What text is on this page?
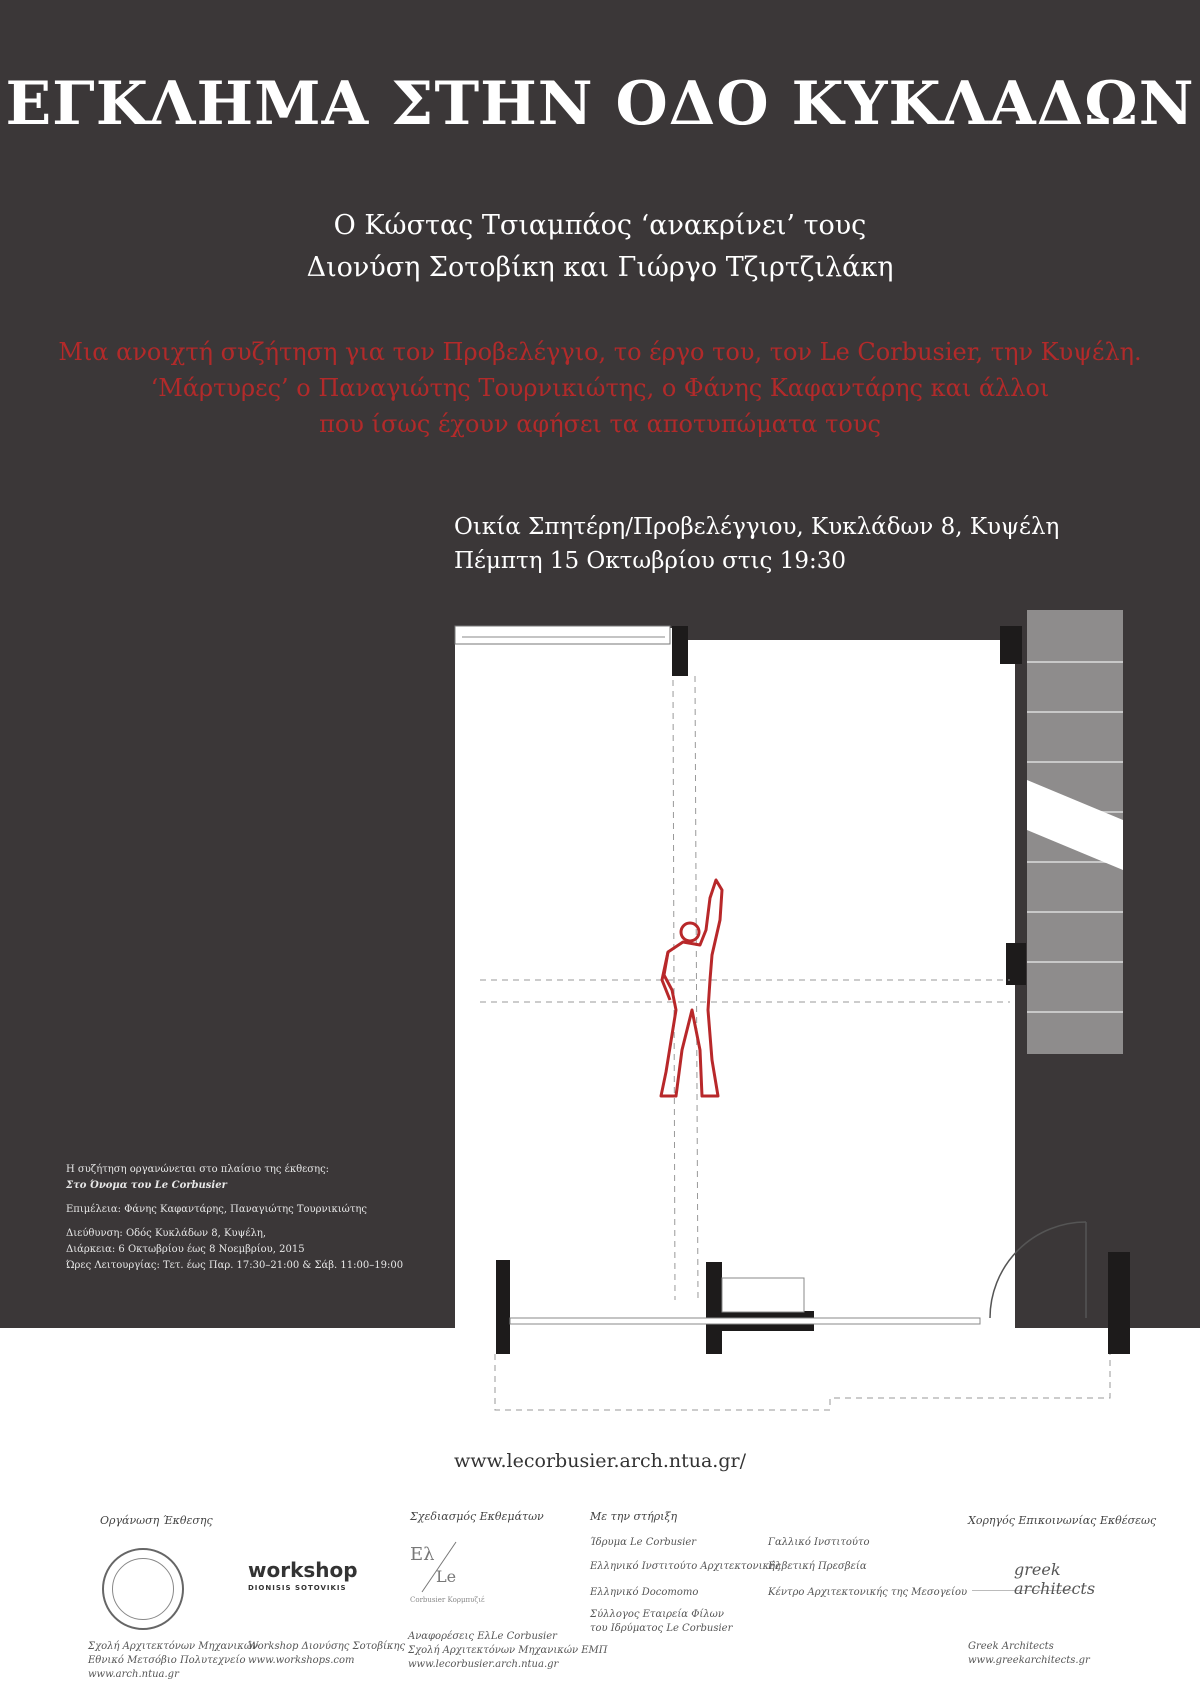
ΕΓΚΛΗΜΑ ΣΤΗΝ ΟΔΟ ΚΥΚΛΑΔΩΝ

Ο Κώστας Τσιαμπάος ‘ανακρίνει’ τους

Διονύση Σοτοβίκη και Γιώργο Τζιρτζιλάκη

Μια ανοιχτή συζήτηση για τον Προβελέγγιο, το έργο του, τον Le Corbusier, την Κυψέλη.

‘Μάρτυρες’ ο Παναγιώτης Τουρνικιώτης, ο Φάνης Καφαντάρης και άλλοι

που ίσως έχουν αφήσει τα αποτυπώματα τους

Οικία Σπητέρη/Προβελέγγιου, Κυκλάδων 8, Κυψέλη

Πέμπτη 15 Οκτωβρίου στις 19:30

Η συζήτηση οργανώνεται στο πλαίσιο της έκθεσης:

Στο Όνομα του Le Corbusier

Επιμέλεια: Φάνης Καφαντάρης, Παναγιώτης Τουρνικιώτης

Διεύθυνση: Οδός Κυκλάδων 8, Κυψέλη,

Διάρκεια: 6 Οκτωβρίου έως 8 Νοεμβρίου, 2015

Ώρες Λειτουργίας: Τετ. έως Παρ. 17:30–21:00 & Σάβ. 11:00–19:00

www.lecorbusier.arch.ntua.gr/

Οργάνωση Έκθεσης
Σχολή Αρχιτεκτόνων Μηχανικών
Εθνικό Μετσόβιο Πολυτεχνείο
www.arch.ntua.gr
workshop
DIONISIS SOTOVIKIS
Workshop Διονύσης Σοτοβίκης
www.workshops.com
Σχεδιασμός Εκθεμάτων
Ελ
Le
Corbusier Κορμπυζιέ
Αναφορέσεις ΕλLe Corbusier
Σχολή Αρχιτεκτόνων Μηχανικών ΕΜΠ
www.lecorbusier.arch.ntua.gr
Με την στήριξη
Ίδρυμα Le Corbusier
Ελληνικό Ινστιτούτο Αρχιτεκτονικής
Ελληνικό Docomomo
Σύλλογος Εταιρεία Φίλων του Ιδρύματος Le Corbusier
Γαλλικό Ινστιτούτο
Ελβετική Πρεσβεία
Κέντρο Αρχιτεκτονικής της Μεσογείου
Χορηγός Επικοινωνίας Εκθέσεως
greek architects
Greek Architects
www.greekarchitects.gr
